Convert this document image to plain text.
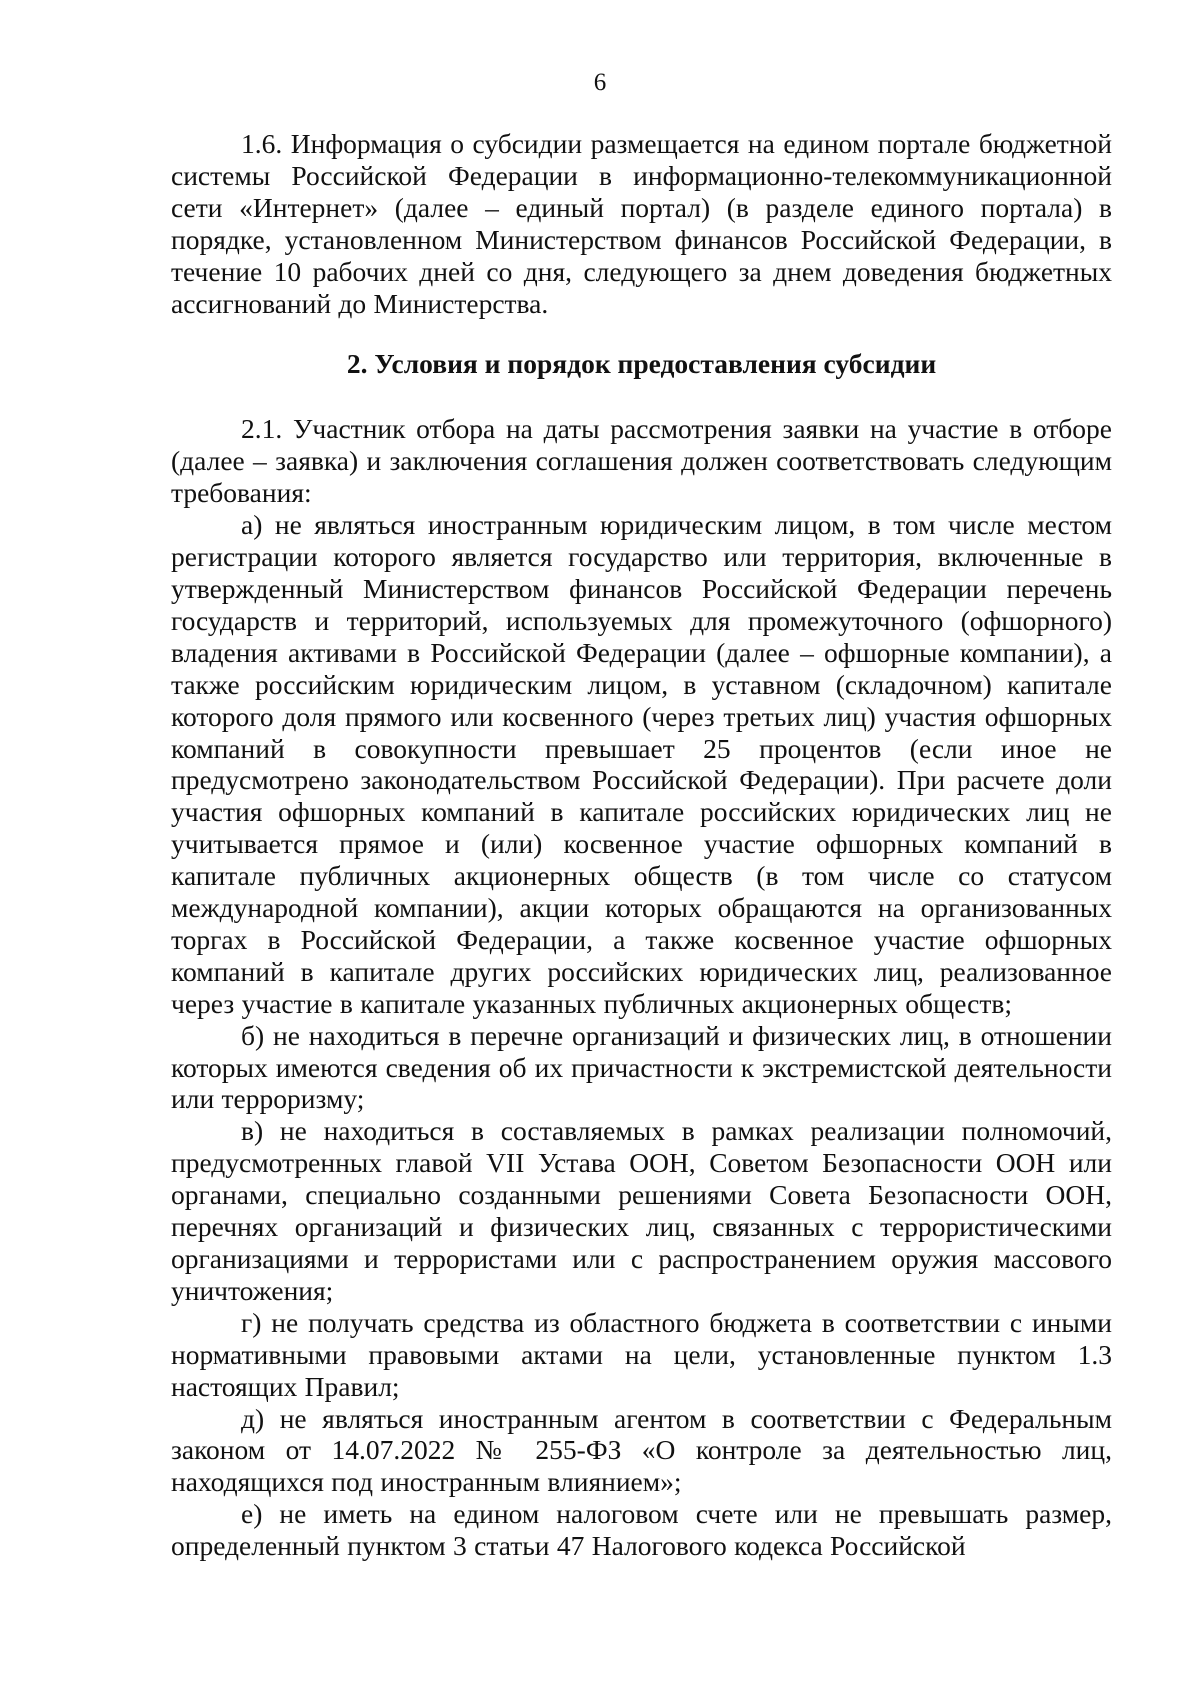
6

1.6. Информация о субсидии размещается на едином портале бюджетной системы Российской Федерации в информационно-телекоммуникационной сети «Интернет» (далее – единый портал) (в разделе единого портала) в порядке, установленном Министерством финансов Российской Федерации, в течение 10 рабочих дней со дня, следующего за днем доведения бюджетных ассигнований до Министерства.

2. Условия и порядок предоставления субсидии

2.1. Участник отбора на даты рассмотрения заявки на участие в отборе (далее – заявка) и заключения соглашения должен соответствовать следующим требования:

а) не являться иностранным юридическим лицом, в том числе местом регистрации которого является государство или территория, включенные в утвержденный Министерством финансов Российской Федерации перечень государств и территорий, используемых для промежуточного (офшорного) владения активами в Российской Федерации (далее – офшорные компании), а также российским юридическим лицом, в уставном (складочном) капитале которого доля прямого или косвенного (через третьих лиц) участия офшорных компаний в совокупности превышает 25 процентов (если иное не предусмотрено законодательством Российской Федерации). При расчете доли участия офшорных компаний в капитале российских юридических лиц не учитывается прямое и (или) косвенное участие офшорных компаний в капитале публичных акционерных обществ (в том числе со статусом международной компании), акции которых обращаются на организованных торгах в Российской Федерации, а также косвенное участие офшорных компаний в капитале других российских юридических лиц, реализованное через участие в капитале указанных публичных акционерных обществ;

б) не находиться в перечне организаций и физических лиц, в отношении которых имеются сведения об их причастности к экстремистской деятельности или терроризму;

в) не находиться в составляемых в рамках реализации полномочий, предусмотренных главой VII Устава ООН, Советом Безопасности ООН или органами, специально созданными решениями Совета Безопасности ООН, перечнях организаций и физических лиц, связанных с террористическими организациями и террористами или с распространением оружия массового уничтожения;

г) не получать средства из областного бюджета в соответствии с иными нормативными правовыми актами на цели, установленные пунктом 1.3 настоящих Правил;

д) не являться иностранным агентом в соответствии с Федеральным законом от 14.07.2022 № 255-ФЗ «О контроле за деятельностью лиц, находящихся под иностранным влиянием»;

е) не иметь на едином налоговом счете или не превышать размер, определенный пунктом 3 статьи 47 Налогового кодекса Российской
